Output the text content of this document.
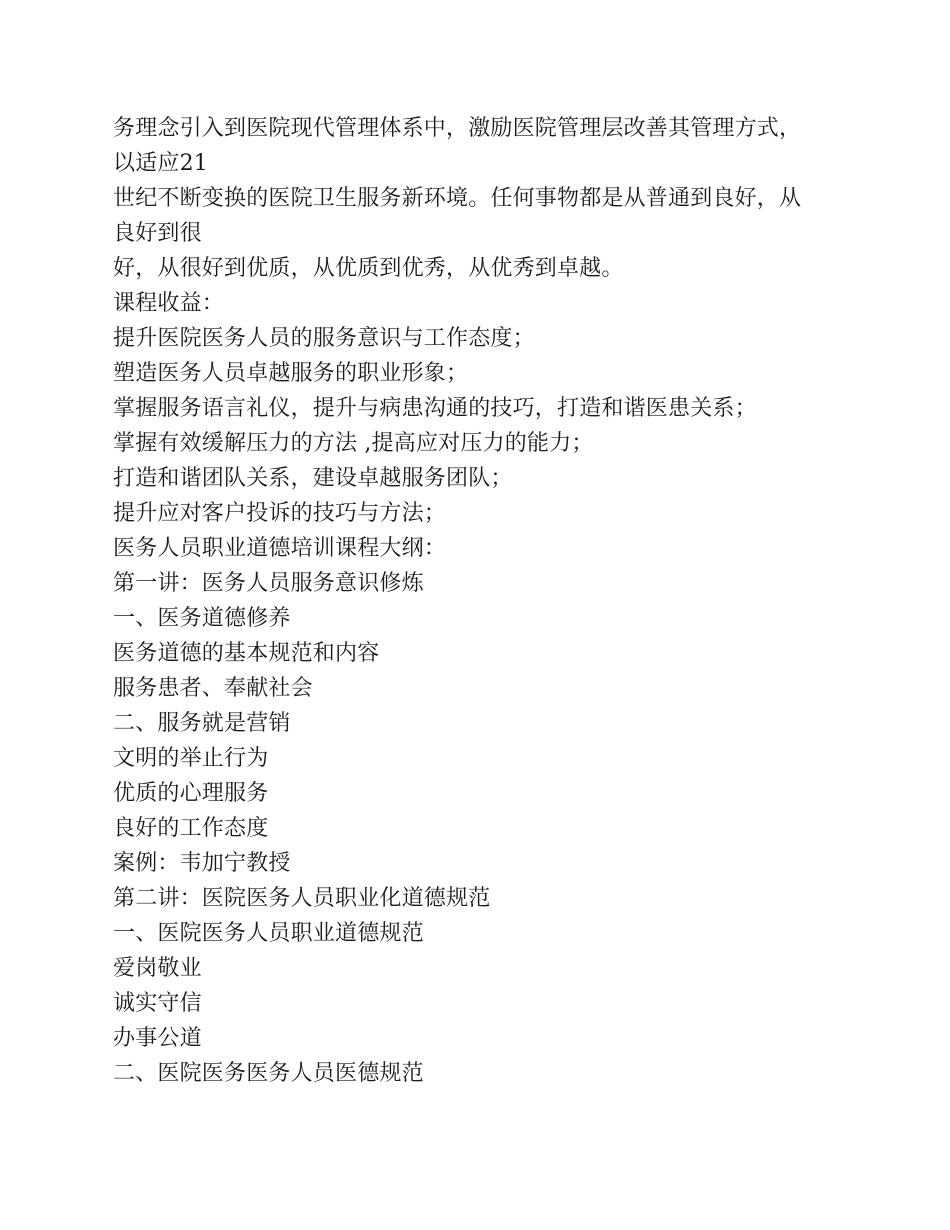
务理念引入到医院现代管理体系中，激励医院管理层改善其管理方式，
以适应21
世纪不断变换的医院卫生服务新环境。任何事物都是从普通到良好，从
良好到很
好，从很好到优质，从优质到优秀，从优秀到卓越。
课程收益：
提升医院医务人员的服务意识与工作态度；
塑造医务人员卓越服务的职业形象；
掌握服务语言礼仪，提升与病患沟通的技巧，打造和谐医患关系；
掌握有效缓解压力的方法 ,提高应对压力的能力；
打造和谐团队关系，建设卓越服务团队；
提升应对客户投诉的技巧与方法；
医务人员职业道德培训课程大纲：
第一讲：医务人员服务意识修炼
一、医务道德修养
医务道德的基本规范和内容
服务患者、奉献社会
二、服务就是营销
文明的举止行为
优质的心理服务
良好的工作态度
案例：韦加宁教授
第二讲：医院医务人员职业化道德规范
一、医院医务人员职业道德规范
爱岗敬业
诚实守信
办事公道
二、医院医务医务人员医德规范
